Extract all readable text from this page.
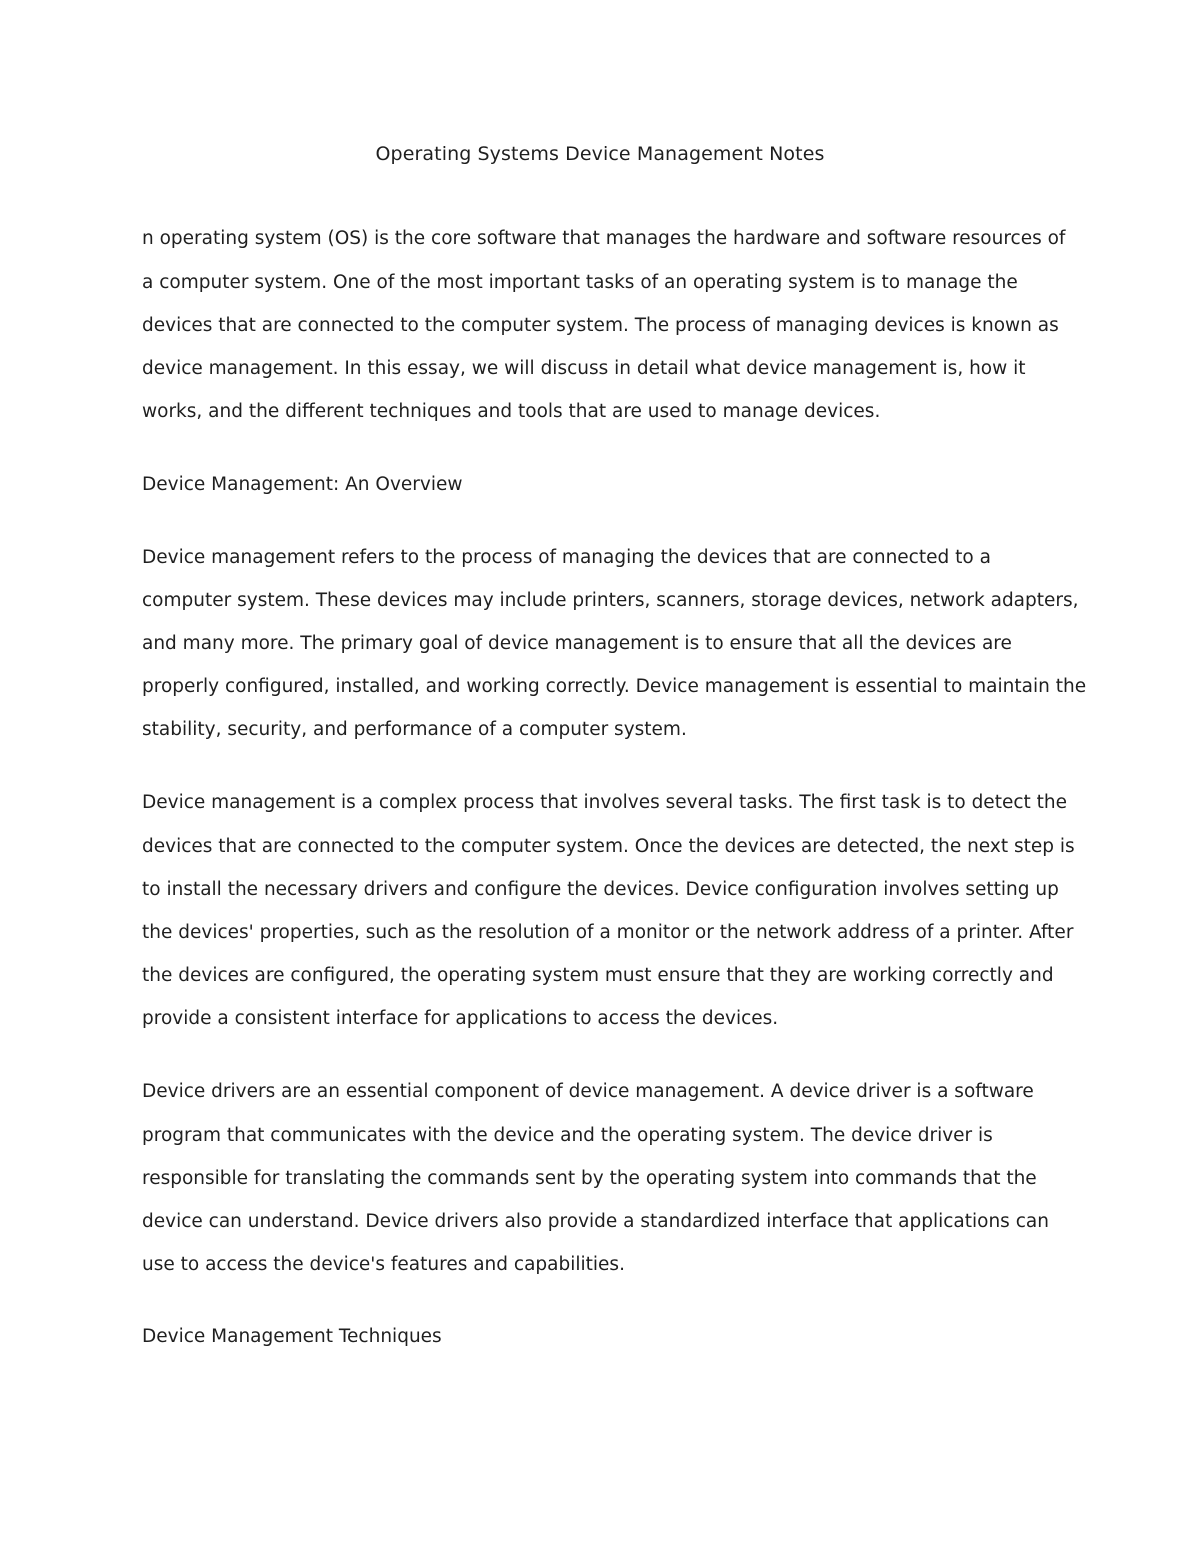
Operating Systems Device Management Notes
n operating system (OS) is the core software that manages the hardware and software resources of
a computer system. One of the most important tasks of an operating system is to manage the
devices that are connected to the computer system. The process of managing devices is known as
device management. In this essay, we will discuss in detail what device management is, how it
works, and the different techniques and tools that are used to manage devices.
Device Management: An Overview
Device management refers to the process of managing the devices that are connected to a
computer system. These devices may include printers, scanners, storage devices, network adapters,
and many more. The primary goal of device management is to ensure that all the devices are
properly configured, installed, and working correctly. Device management is essential to maintain the
stability, security, and performance of a computer system.
Device management is a complex process that involves several tasks. The first task is to detect the
devices that are connected to the computer system. Once the devices are detected, the next step is
to install the necessary drivers and configure the devices. Device configuration involves setting up
the devices' properties, such as the resolution of a monitor or the network address of a printer. After
the devices are configured, the operating system must ensure that they are working correctly and
provide a consistent interface for applications to access the devices.
Device drivers are an essential component of device management. A device driver is a software
program that communicates with the device and the operating system. The device driver is
responsible for translating the commands sent by the operating system into commands that the
device can understand. Device drivers also provide a standardized interface that applications can
use to access the device's features and capabilities.
Device Management Techniques
